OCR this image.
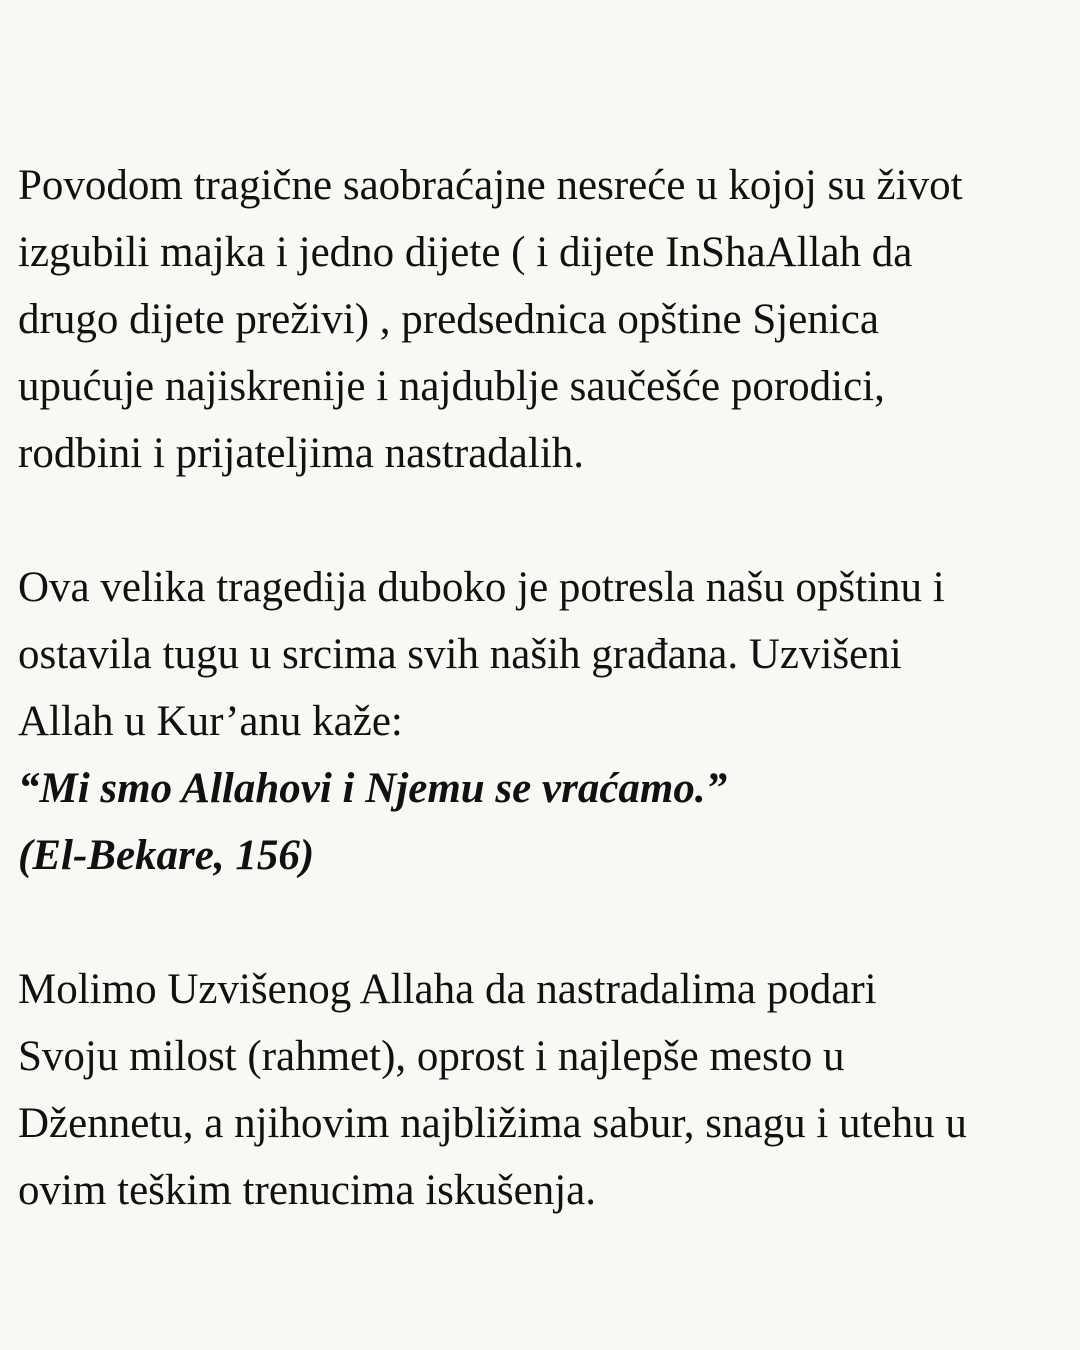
Povodom tragične saobraćajne nesreće u kojoj su život
izgubili majka i jedno dijete ( i dijete InShaAllah da
drugo dijete preživi) , predsednica opštine Sjenica
upućuje najiskrenije i najdublje saučešće porodici,
rodbini i prijateljima nastradalih.
Ova velika tragedija duboko je potresla našu opštinu i
ostavila tugu u srcima svih naših građana. Uzvišeni
Allah u Kur’anu kaže:
“Mi smo Allahovi i Njemu se vraćamo.”
(El-Bekare, 156)
Molimo Uzvišenog Allaha da nastradalima podari
Svoju milost (rahmet), oprost i najlepše mesto u
Džennetu, a njihovim najbližima sabur, snagu i utehu u
ovim teškim trenucima iskušenja.
